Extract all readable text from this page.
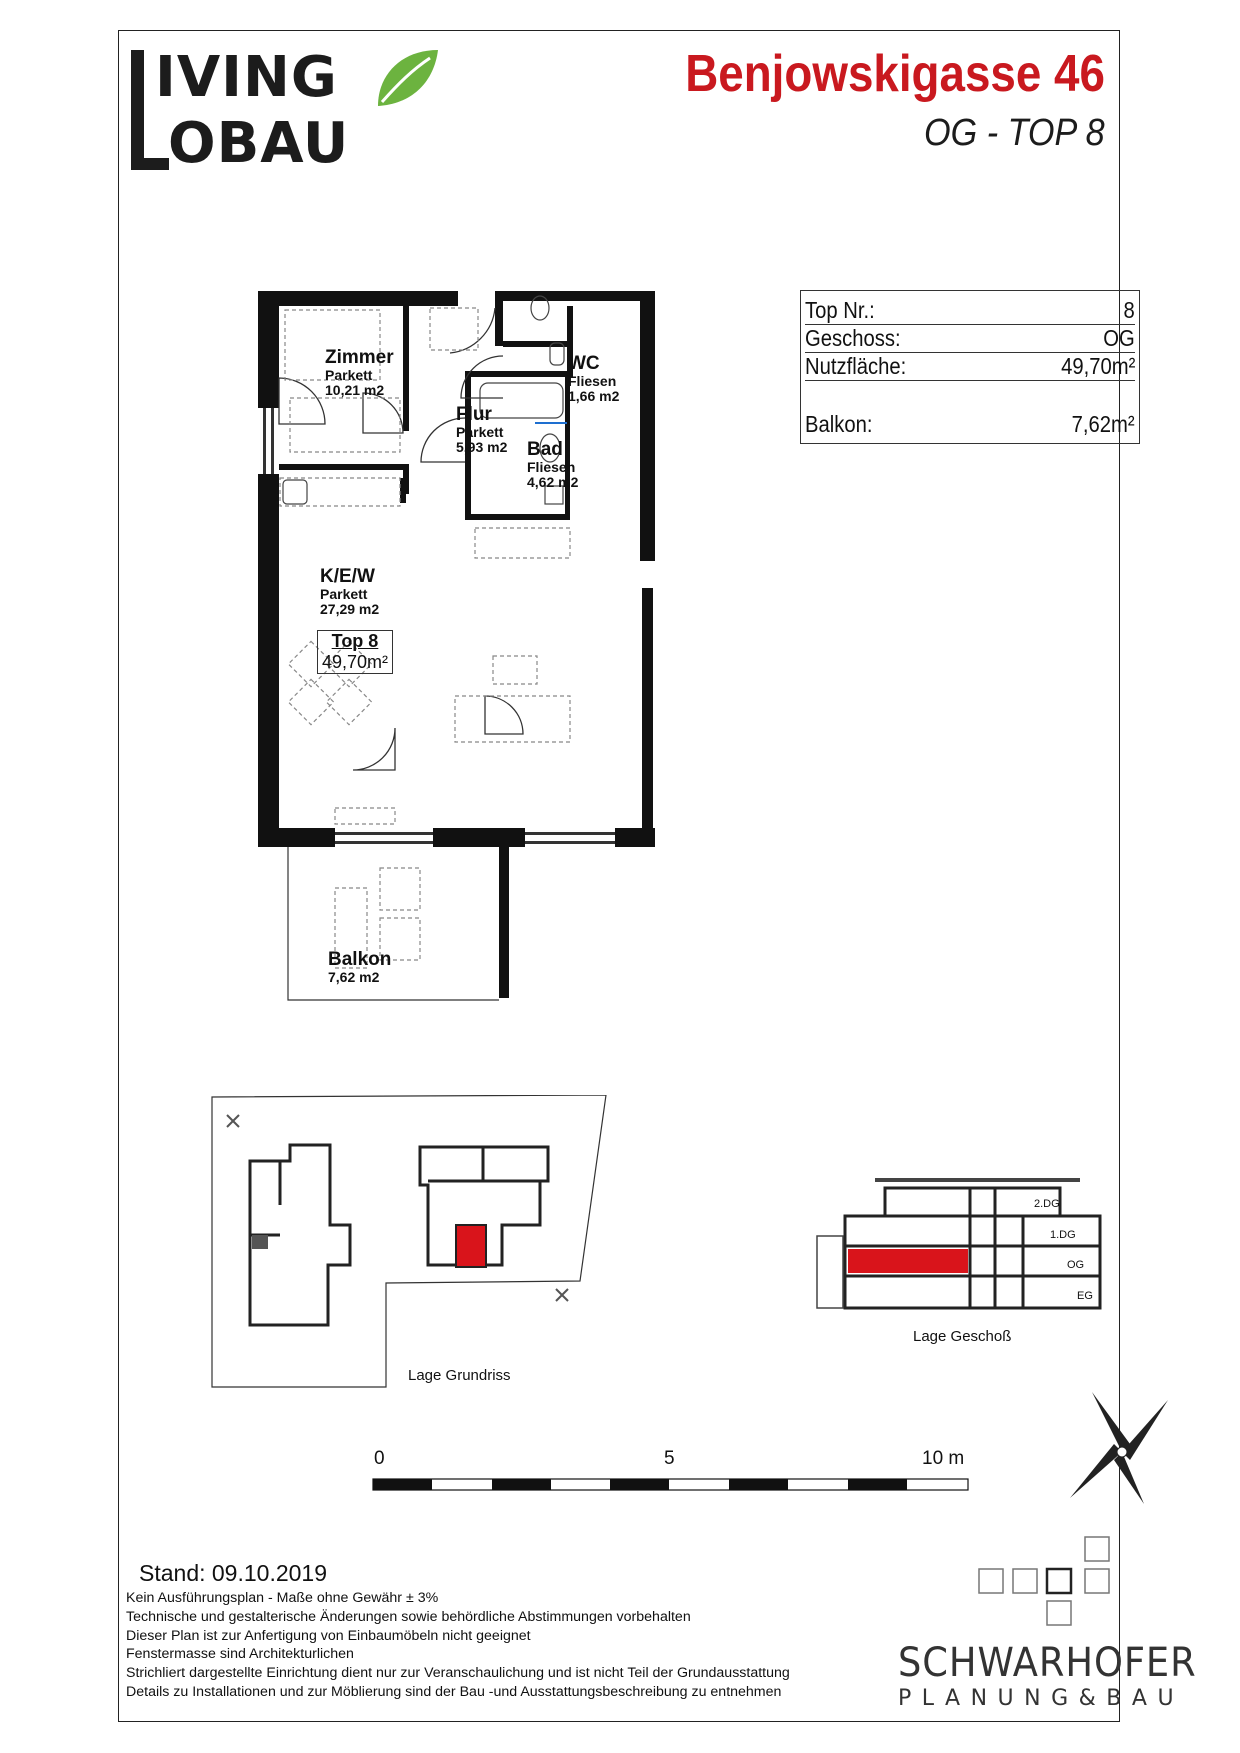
IVING
OBAU
Benjowskigasse 46
OG - TOP 8
Top Nr.:	8
Geschoss:	OG
Nutzfläche:	49,70m²
Balkon:	7,62m²
Zimmer
Parkett
10,21 m2
Flur
Parkett
5,93 m2
WC
Fliesen
1,66 m2
Bad
Fliesen
4,62 m2
K/E/W
Parkett
27,29 m2
Top 8
49,70m²
Balkon
7,62 m2
Lage Grundriss
2.DG
1.DG
OG
EG
Lage Geschoß
0	5	10 m
Stand: 09.10.2019
Kein Ausführungsplan - Maße ohne Gewähr ± 3%
Technische und gestalterische Änderungen sowie behördliche Abstimmungen vorbehalten
Dieser Plan ist zur Anfertigung von Einbaumöbeln nicht geeignet
Fenstermasse sind Architekturlichen
Strichliert dargestellte Einrichtung dient nur zur Veranschaulichung und ist nicht Teil der Grundausstattung
Details zu Installationen und zur Möblierung sind der Bau -und Ausstattungsbeschreibung zu entnehmen
SCHWARHOFER
PLANUNG&BAU
